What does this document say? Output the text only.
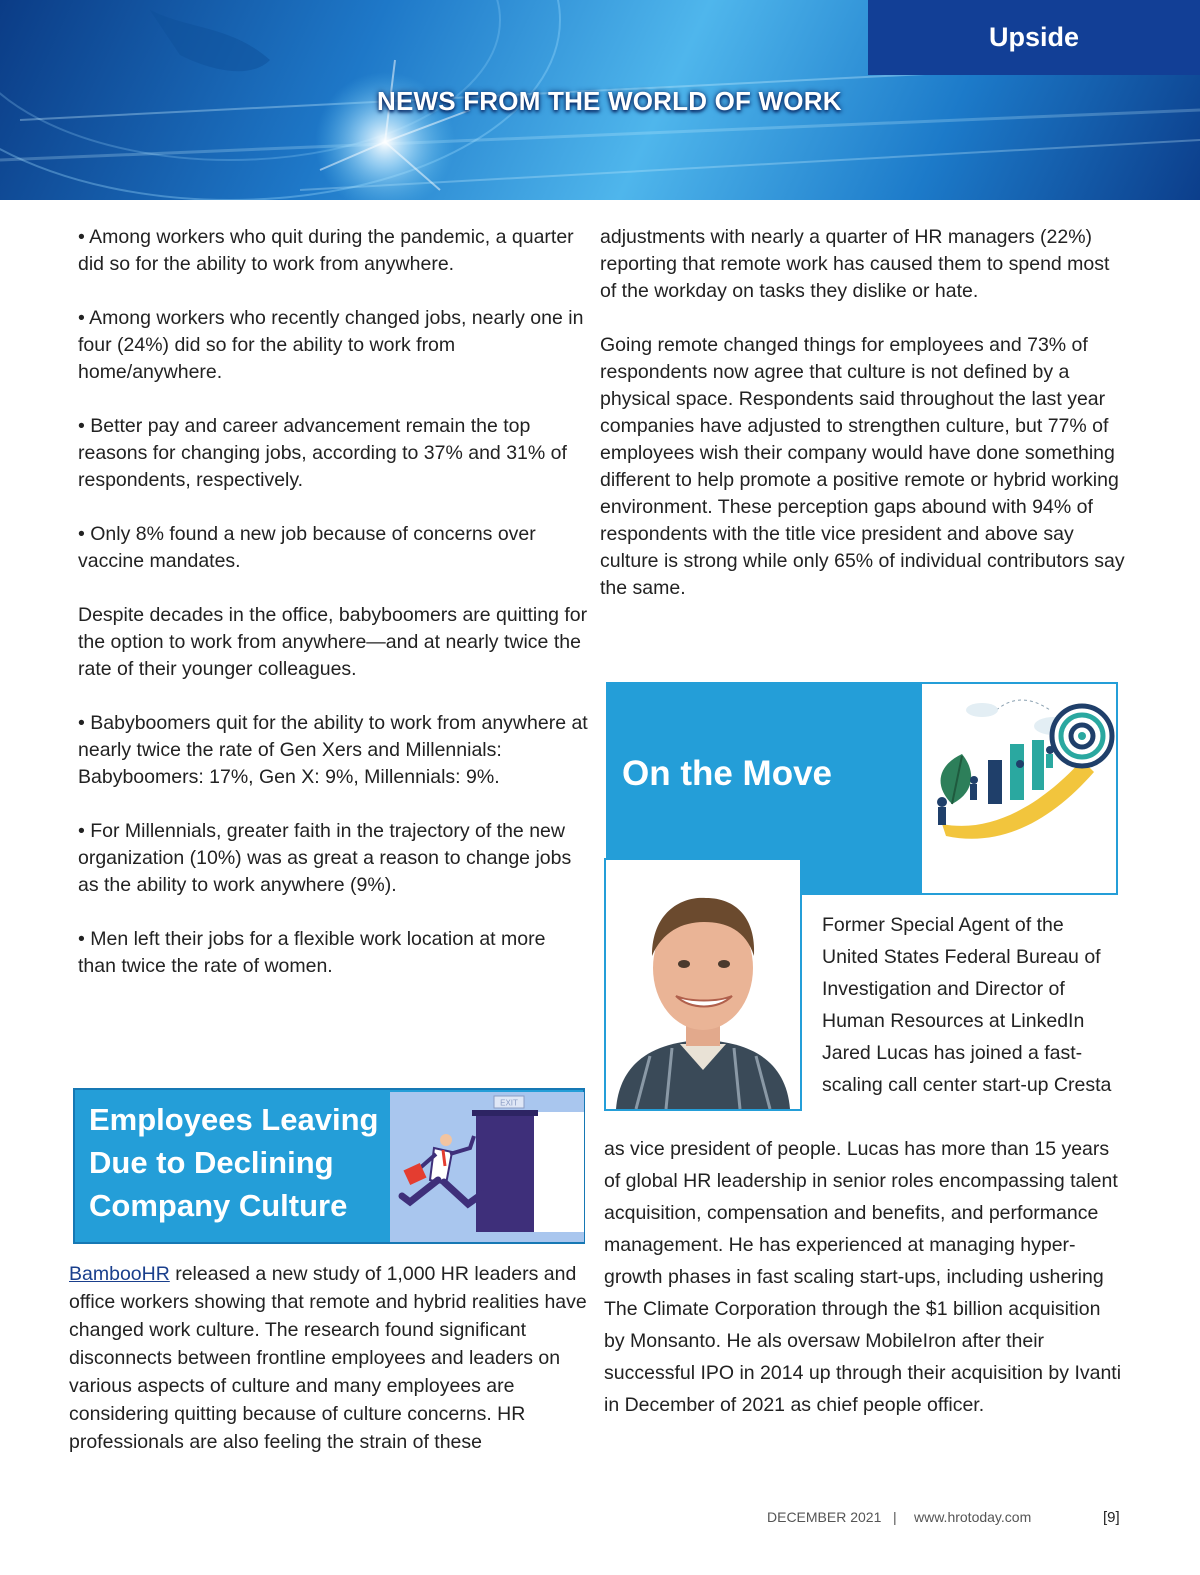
Upside
NEWS FROM THE WORLD OF WORK

• Among workers who quit during the pandemic, a quarter did so for the ability to work from anywhere.

• Among workers who recently changed jobs, nearly one in four (24%) did so for the ability to work from home/anywhere.

• Better pay and career advancement remain the top reasons for changing jobs, according to 37% and 31% of respondents, respectively.

• Only 8% found a new job because of concerns over vaccine mandates.

Despite decades in the office, babyboomers are quitting for the option to work from anywhere—and at nearly twice the rate of their younger colleagues.

• Babyboomers quit for the ability to work from anywhere at nearly twice the rate of Gen Xers and Millennials: Babyboomers: 17%, Gen X: 9%, Millennials: 9%.

• For Millennials, greater faith in the trajectory of the new organization (10%) was as great a reason to change jobs as the ability to work anywhere (9%).

• Men left their jobs for a flexible work location at more than twice the rate of women.

Employees Leaving Due to Declining Company Culture
EXIT
BambooHR released a new study of 1,000 HR leaders and office workers showing that remote and hybrid realities have changed work culture. The research found significant disconnects between frontline employees and leaders on various aspects of culture and many employees are considering quitting because of culture concerns. HR professionals are also feeling the strain of these

adjustments with nearly a quarter of HR managers (22%) reporting that remote work has caused them to spend most of the workday on tasks they dislike or hate.

Going remote changed things for employees and 73% of respondents now agree that culture is not defined by a physical space. Respondents said throughout the last year companies have adjusted to strengthen culture, but 77% of employees wish their company would have done something different to help promote a positive remote or hybrid working environment. These perception gaps abound with 94% of respondents with the title vice president and above say culture is strong while only 65% of individual contributors say the same.

On the Move
Former Special Agent of the United States Federal Bureau of Investigation and Director of Human Resources at LinkedIn Jared Lucas has joined a fast-scaling call center start-up Cresta
as vice president of people. Lucas has more than 15 years of global HR leadership in senior roles encompassing talent acquisition, compensation and benefits, and performance management. He has experienced at managing hyper-growth phases in fast scaling start-ups, including ushering The Climate Corporation through the $1 billion acquisition by Monsanto. He als oversaw MobileIron after their successful IPO in 2014 up through their acquisition by Ivanti in December of 2021 as chief people officer.
DECEMBER 2021 | www.hrotoday.com	[9]
